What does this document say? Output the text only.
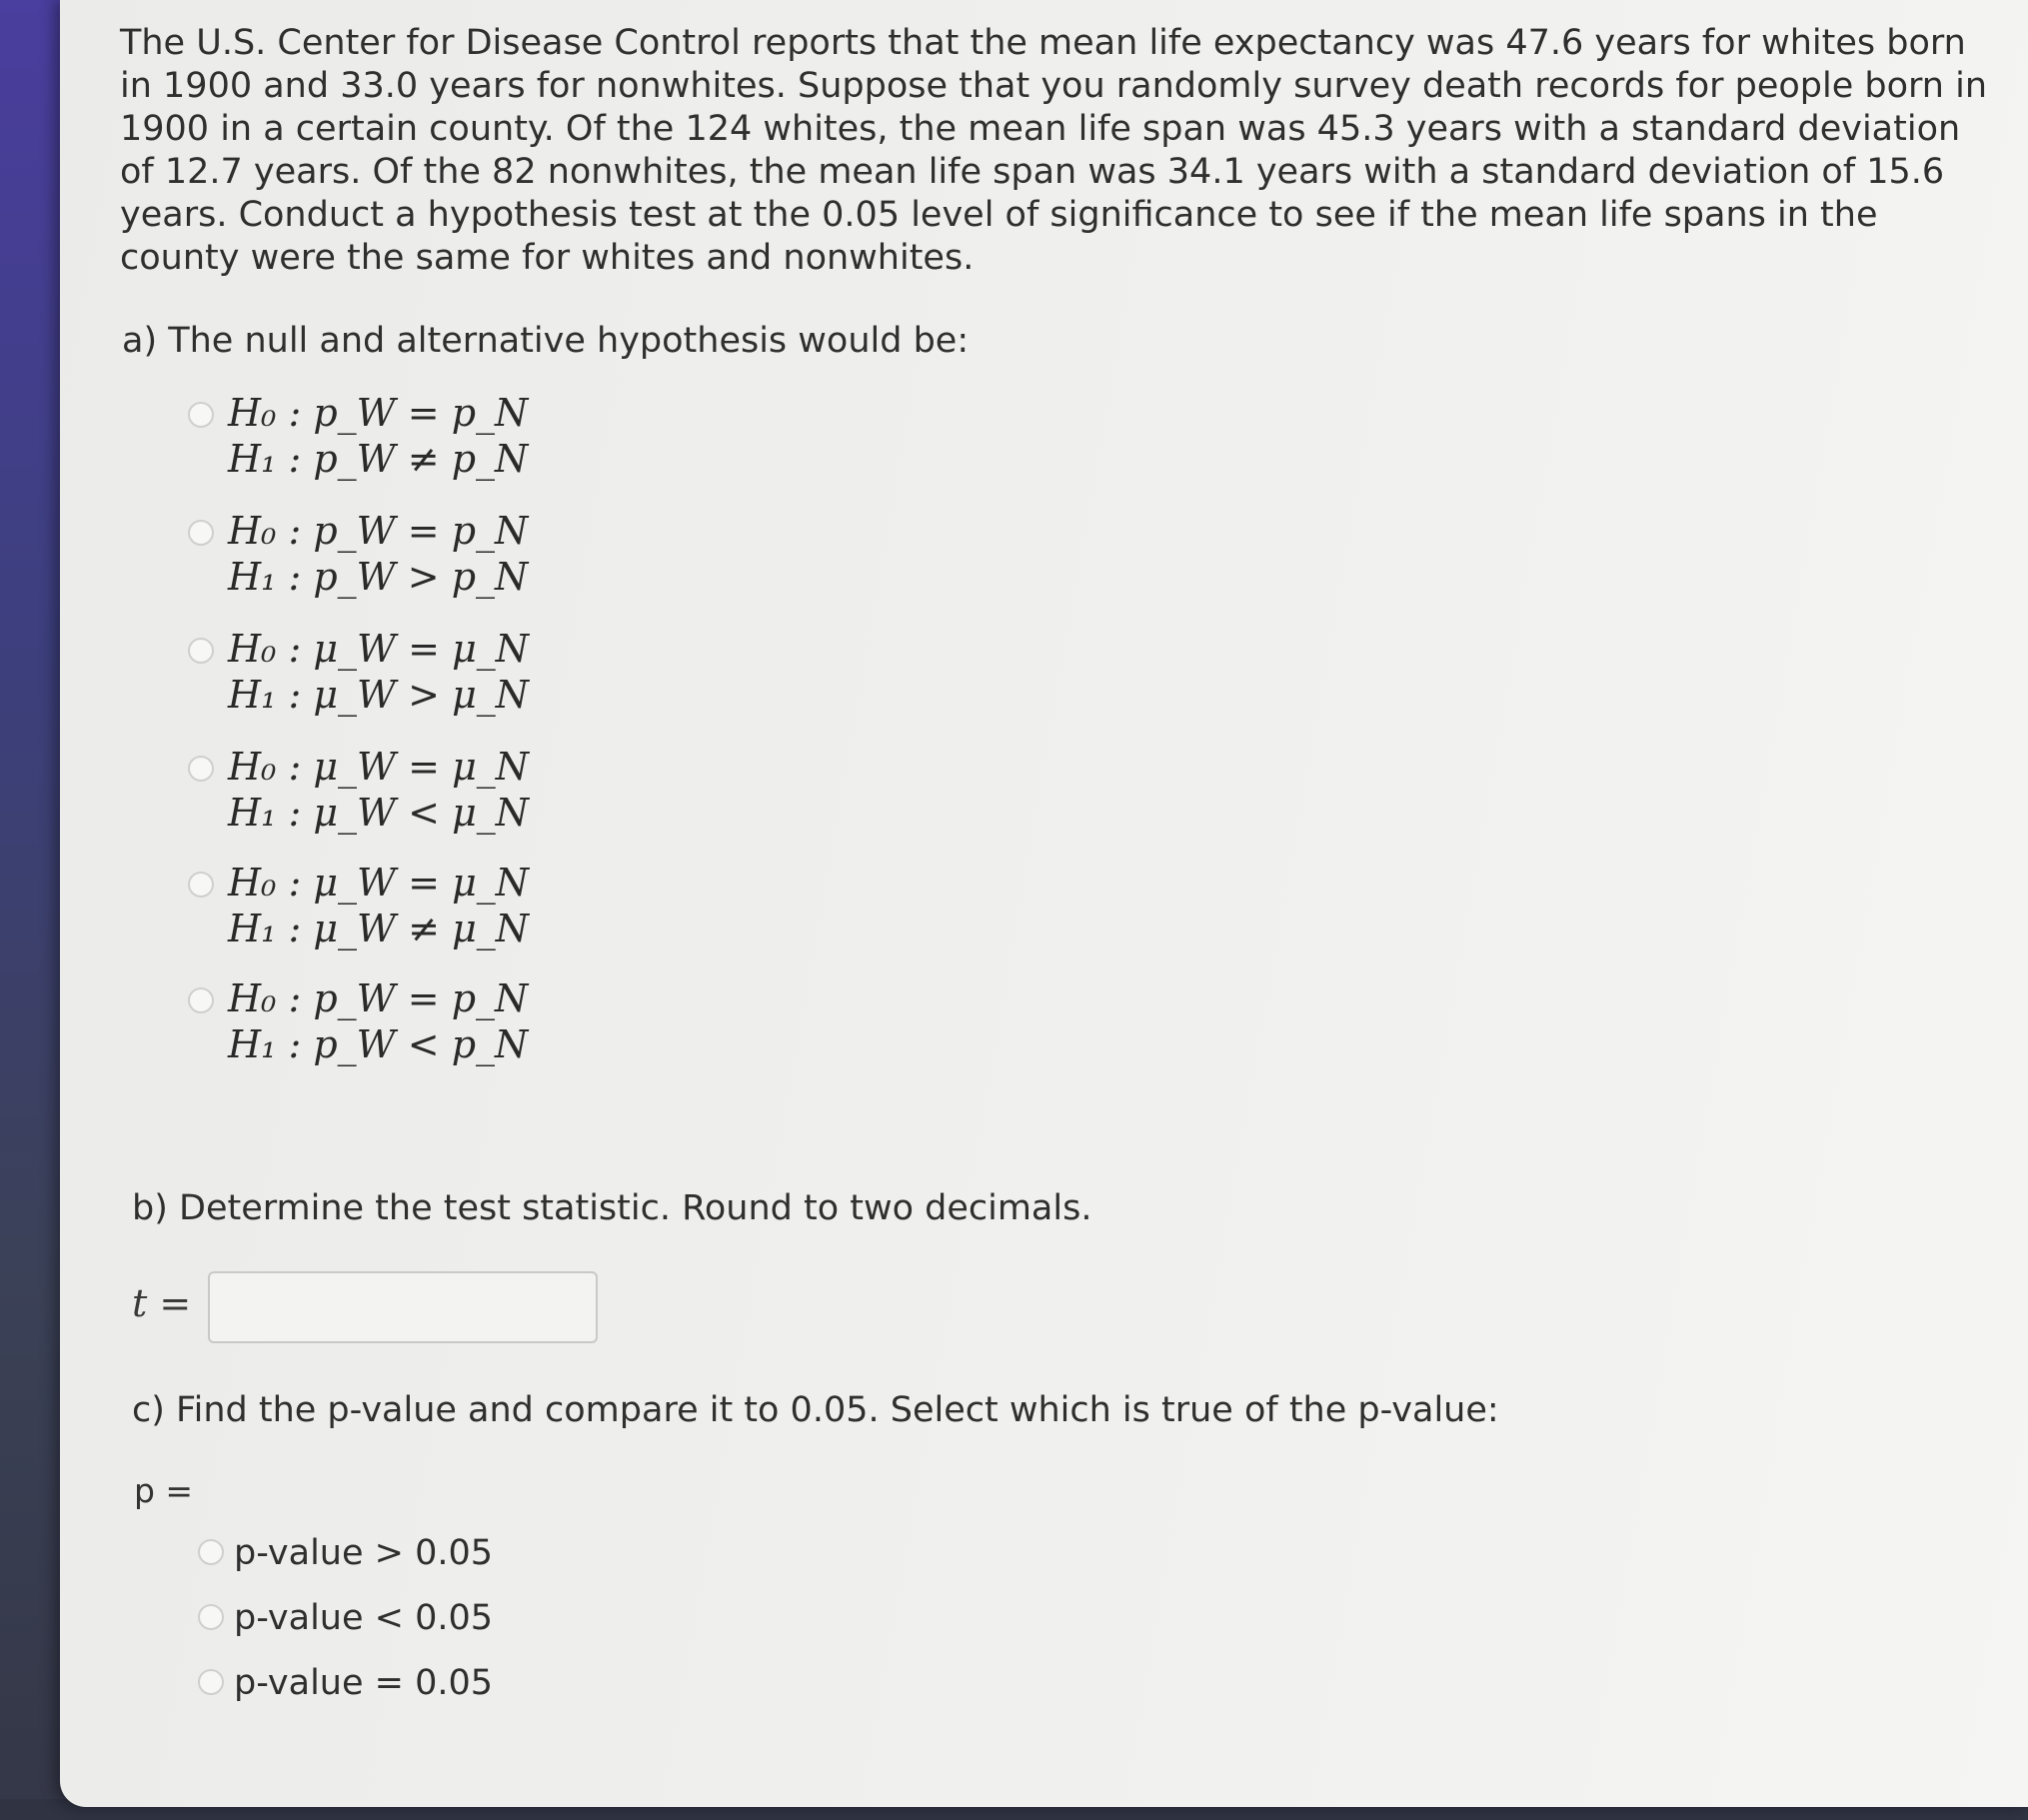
The U.S. Center for Disease Control reports that the mean life expectancy was 47.6 years for whites born in 1900 and 33.0 years for nonwhites. Suppose that you randomly survey death records for people born in 1900 in a certain county. Of the 124 whites, the mean life span was 45.3 years with a standard deviation of 12.7 years. Of the 82 nonwhites, the mean life span was 34.1 years with a standard deviation of 15.6 years. Conduct a hypothesis test at the 0.05 level of significance to see if the mean life spans in the county were the same for whites and nonwhites.

a) The null and alternative hypothesis would be:

H₀ : p_W = p_N
H₁ : p_W ≠ p_N
H₀ : p_W = p_N
H₁ : p_W > p_N
H₀ : μ_W = μ_N
H₁ : μ_W > μ_N
H₀ : μ_W = μ_N
H₁ : μ_W < μ_N
H₀ : μ_W = μ_N
H₁ : μ_W ≠ μ_N
H₀ : p_W = p_N
H₁ : p_W < p_N

b) Determine the test statistic. Round to two decimals.

t =

c) Find the p-value and compare it to 0.05. Select which is true of the p-value:

p =
p-value > 0.05
p-value < 0.05
p-value = 0.05
